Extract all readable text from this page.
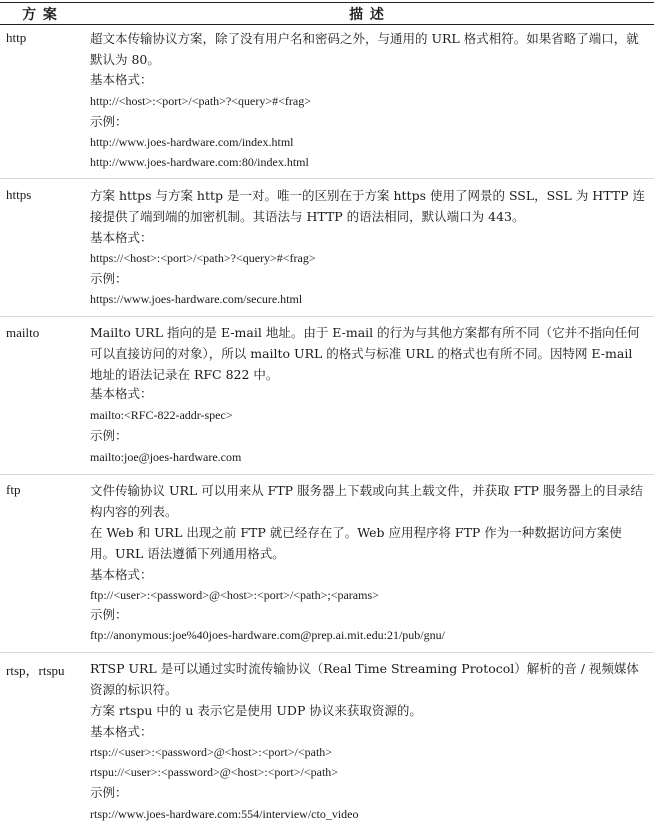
方 案	描 述
http	超文本传输协议方案，除了没有用户名和密码之外，与通用的 URL 格式相符。如果省略了端口，就默认为 80。
基本格式：
http://<host>:<port>/<path>?<query>#<frag>
示例：
http://www.joes-hardware.com/index.html
http://www.joes-hardware.com:80/index.html
https	方案 https 与方案 http 是一对。唯一的区别在于方案 https 使用了网景的 SSL，SSL 为 HTTP 连接提供了端到端的加密机制。其语法与 HTTP 的语法相同，默认端口为 443。
基本格式：
https://<host>:<port>/<path>?<query>#<frag>
示例：
https://www.joes-hardware.com/secure.html
mailto	Mailto URL 指向的是 E-mail 地址。由于 E-mail 的行为与其他方案都有所不同（它并不指向任何可以直接访问的对象），所以 mailto URL 的格式与标准 URL 的格式也有所不同。因特网 E-mail 地址的语法记录在 RFC 822 中。
基本格式：
mailto:<RFC-822-addr-spec>
示例：
mailto:joe@joes-hardware.com
ftp	文件传输协议 URL 可以用来从 FTP 服务器上下载或向其上载文件，并获取 FTP 服务器上的目录结构内容的列表。
在 Web 和 URL 出现之前 FTP 就已经存在了。Web 应用程序将 FTP 作为一种数据访问方案使用。URL 语法遵循下列通用格式。
基本格式：
ftp://<user>:<password>@<host>:<port>/<path>;<params>
示例：
ftp://anonymous:joe%40joes-hardware.com@prep.ai.mit.edu:21/pub/gnu/
rtsp，rtspu RTSP URL 是可以通过实时流传输协议（Real Time Streaming Protocol）解析的音 / 视频媒体资源的标识符。
方案 rtspu 中的 u 表示它是使用 UDP 协议来获取资源的。
基本格式：
rtsp://<user>:<password>@<host>:<port>/<path>
rtspu://<user>:<password>@<host>:<port>/<path>
示例：
rtsp://www.joes-hardware.com:554/interview/cto_video
